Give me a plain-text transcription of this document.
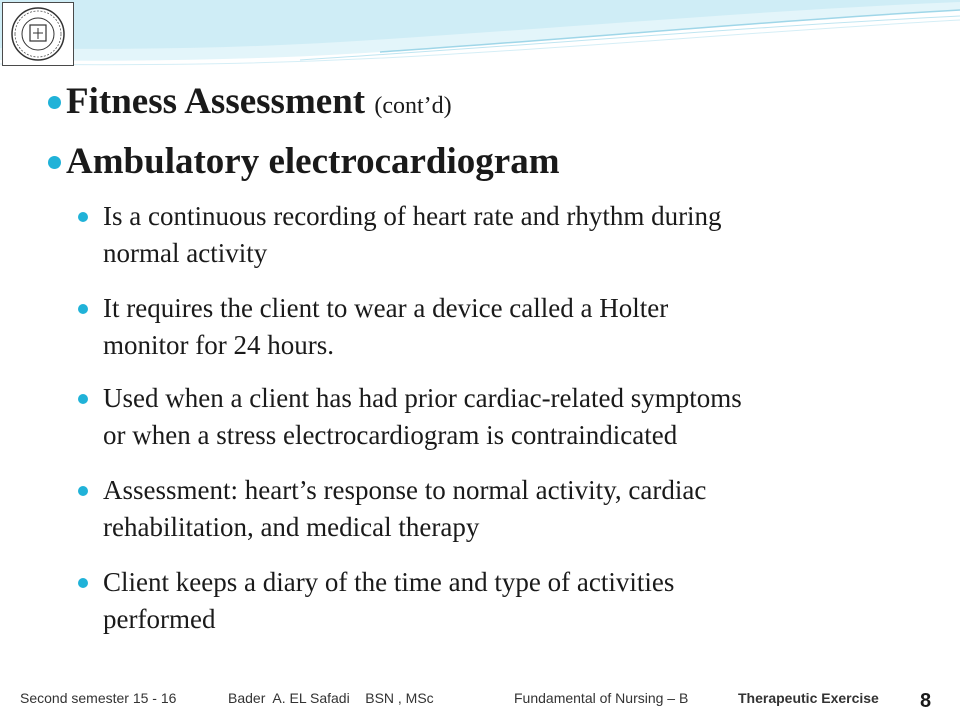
Fitness Assessment (cont’d)
Ambulatory electrocardiogram
Is a continuous recording of heart rate and rhythm during
normal activity
It requires the client to wear a device called a Holter
monitor for 24 hours.
Used when a client has had prior cardiac-related symptoms
or when a stress electrocardiogram is contraindicated
Assessment: heart’s response to normal activity, cardiac
rehabilitation, and medical therapy
Client keeps a diary of the time and type of activities
performed
Second semester 15 - 16	Bader  A. EL Safadi    BSN , MSc	Fundamental of Nursing – B	Therapeutic Exercise 8
